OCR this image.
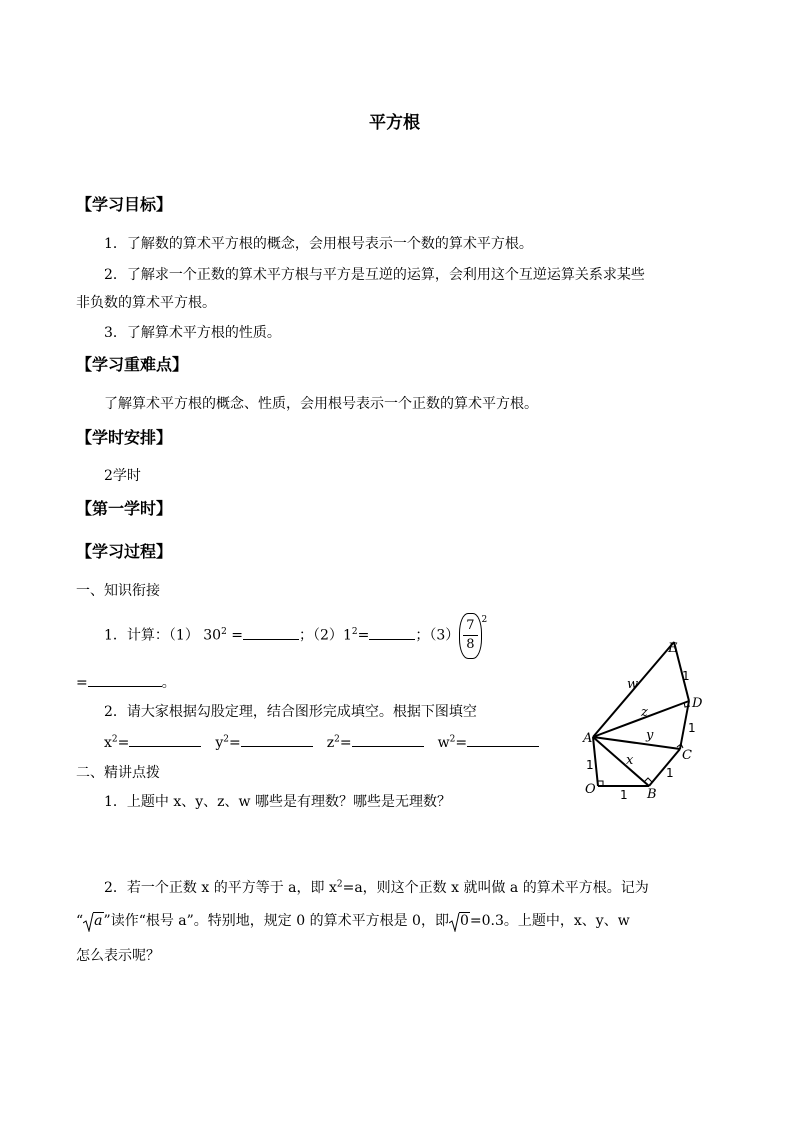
平方根
【学习目标】
1．了解数的算术平方根的概念，会用根号表示一个数的算术平方根。
2．了解求一个正数的算术平方根与平方是互逆的运算，会利用这个互逆运算关系求某些
非负数的算术平方根。
3．了解算术平方根的性质。
【学习重难点】
了解算术平方根的概念、性质，会用根号表示一个正数的算术平方根。
【学时安排】
2学时
【第一学时】
【学习过程】
一、知识衔接
1．计算：（1） $30^2$ =	；$(2)1^2=$	；$(3) \frac{7}{8} ^2$
=	。
2．请大家根据勾股定理，结合图形完成填空。根据下图填空
$x^2=$	$y^2=$	$z^2=$	$w^2=$
二、精讲点拨
1．上题中 x、y、z、w 哪些是有理数？哪些是无理数？
2．若一个正数 x 的平方等于 a，即 $x^2=a$，则这个正数 x 就叫做 a 的算术平方根。记为
“ a”读作“根号 a”。特别地，规定 0 的算术平方根是 0，即 0=0.3。上题中，x、y、w
怎么表示呢？
E
D
C
B
A
O
w
z
y
x
1
1
1
1
1
